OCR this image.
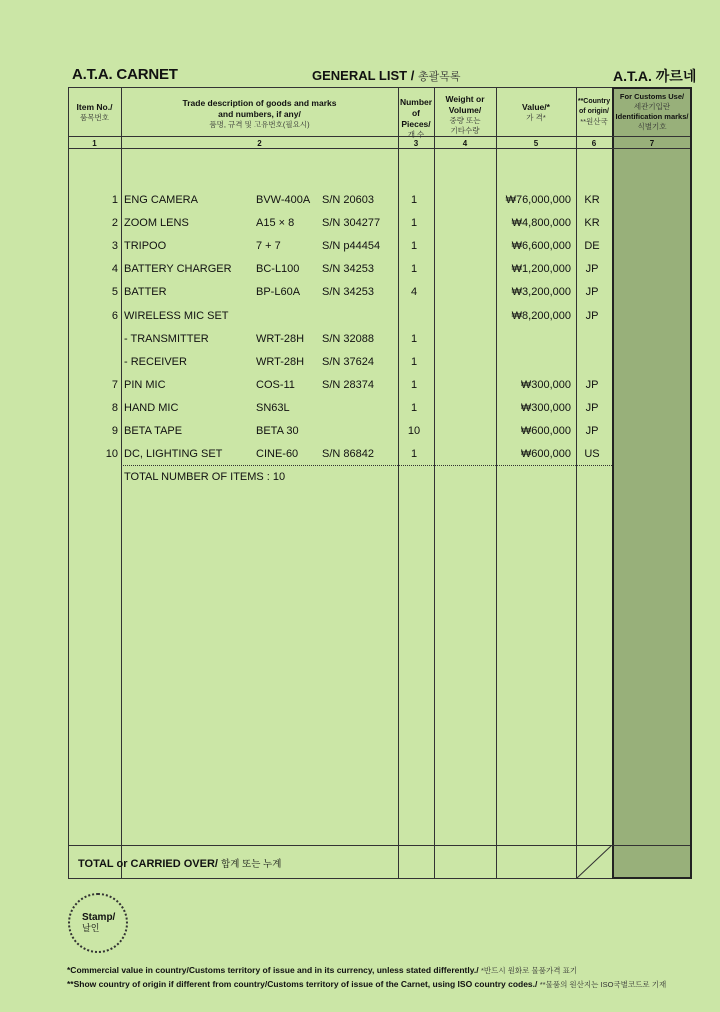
A.T.A. CARNET	GENERAL LIST / 총괄목록	A.T.A. 까르네
Item No./
품목번호
Trade description of goods and marks
and numbers, if any/
품명, 규격 및 고유번호(필요시)
Number
of Pieces/
개 수
Weight or
Volume/
중량 또는
기타수량
Value/*
가 격*
**Country
of origin/
**원산국
For Customs Use/
세관기입란
Identification marks/
식별기호
1	2	3	4	5	6	7
1 ENG CAMERA	BVW-400A S/N 20603	1	₩76,000,000	KR
2 ZOOM LENS	A15 × 8	S/N 304277	1	₩4,800,000	KR
3 TRIPOO	7 + 7	S/N p44454	1	₩6,600,000	DE
4 BATTERY CHARGER BC-L100 S/N 34253	1	₩1,200,000	JP
5 BATTER	BP-L60A S/N 34253	4	₩3,200,000	JP
6 WIRELESS MIC SET	₩8,200,000	JP
- TRANSMITTER	WRT-28H S/N 32088	1
- RECEIVER	WRT-28H S/N 37624	1
7 PIN MIC	COS-11 S/N 28374	1	₩300,000	JP
8 HAND MIC	SN63L	1	₩300,000	JP
9 BETA TAPE	BETA 30	10	₩600,000	JP
10 DC, LIGHTING SET	CINE-60 S/N 86842	1	₩600,000	US
TOTAL NUMBER OF ITEMS : 10
TOTAL or CARRIED OVER/ 합계 또는 누계
Stamp/
날인
*Commercial value in country/Customs territory of issue and in its currency, unless stated differently./ *반드시 원화로 물품가격 표기
**Show country of origin if different from country/Customs territory of issue of the Carnet, using ISO country codes./ **물품의 원산지는 ISO국별코드로 기재
